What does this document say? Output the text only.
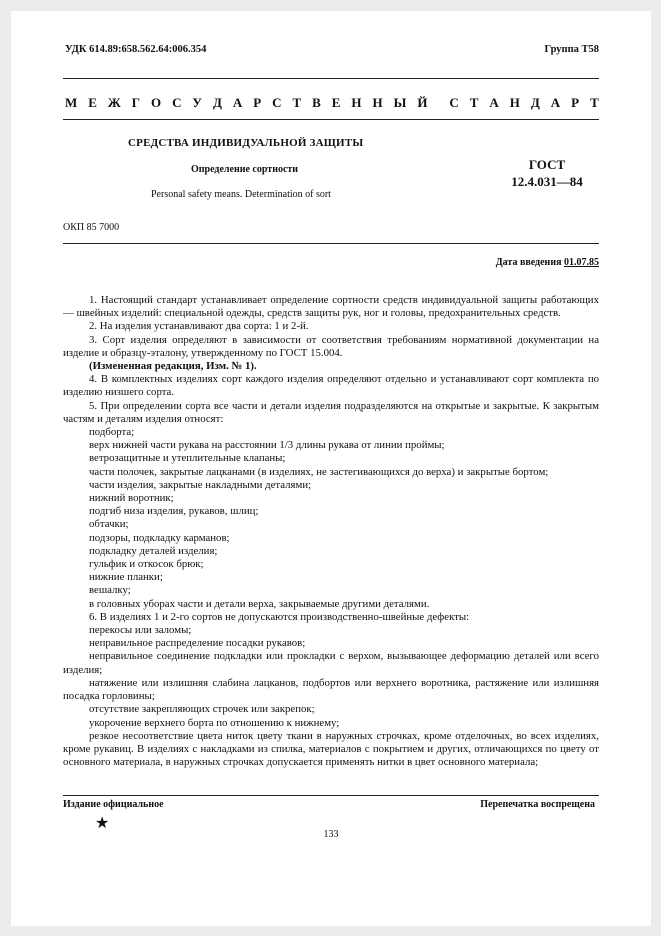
УДК 614.89:658.562.64:006.354	Группа Т58
М Е Ж Г О С У Д А Р С Т В Е Н Н Ы Й С Т А Н Д А Р Т
СРЕДСТВА ИНДИВИДУАЛЬНОЙ ЗАЩИТЫ
Определение сортности
Personal safety means. Determination of sort
ГОСТ
12.4.031—84
ОКП 85 7000
Дата введения 01.07.85

1. Настоящий стандарт устанавливает определение сортности средств индивидуальной защиты работающих — швейных изделий: специальной одежды, средств защиты рук, ног и головы, предохранительных средств.

2. На изделия устанавливают два сорта: 1 и 2-й.

3. Сорт изделия определяют в зависимости от соответствия требованиям нормативной документации на изделие и образцу-эталону, утвержденному по ГОСТ 15.004.

(Измененная редакция, Изм. № 1).

4. В комплектных изделиях сорт каждого изделия определяют отдельно и устанавливают сорт комплекта по изделию низшего сорта.

5. При определении сорта все части и детали изделия подразделяются на открытые и закрытые. К закрытым частям и деталям изделия относят:

подборта;

верх нижней части рукава на расстоянии 1/3 длины рукава от линии проймы;

ветрозащитные и утеплительные клапаны;

части полочек, закрытые лацканами (в изделиях, не застегивающихся до верха) и закрытые бортом;

части изделия, закрытые накладными деталями;

нижний воротник;

подгиб низа изделия, рукавов, шлиц;

обтачки;

подзоры, подкладку карманов;

подкладку деталей изделия;

гульфик и откосок брюк;

нижние планки;

вешалку;

в головных уборах части и детали верха, закрываемые другими деталями.

6. В изделиях 1 и 2-го сортов не допускаются производственно-швейные дефекты:

перекосы или заломы;

неправильное распределение посадки рукавов;

неправильное соединение подкладки или прокладки с верхом, вызывающее деформацию деталей или всего изделия;

натяжение или излишняя слабина лацканов, подбортов или верхнего воротника, растяжение или излишняя посадка горловины;

отсутствие закрепляющих строчек или закрепок;

укорочение верхнего борта по отношению к нижнему;

резкое несоответствие цвета ниток цвету ткани в наружных строчках, кроме отделочных, во всех изделиях, кроме рукавиц. В изделиях с накладками из спилка, материалов с покрытием и других, отличающихся по цвету от основного материала, в наружных строчках допускается применять нитки в цвет основного материала;

Издание официальное	Перепечатка воспрещена
★
133
